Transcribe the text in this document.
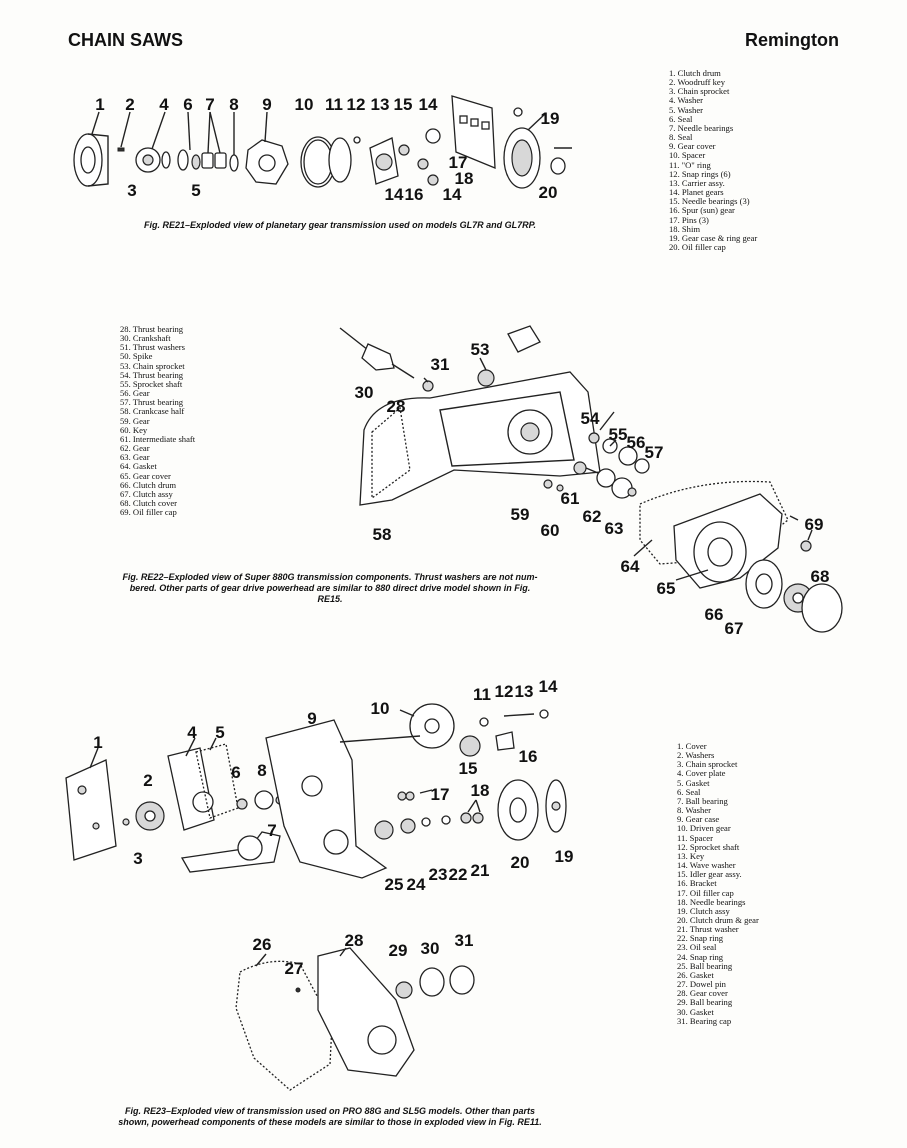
CHAIN SAWS	Remington
1 2 4 6 7 8 9 10 11 12 13 15 14
19
3	5
17
18
14 16 14	20
53
31
30
28
54
55 56
57
61
59
60
62
63
58
69
64
65
68
66
67
11 12 13 14
10
16
15
9
1
4 5
6 8
2
17 18
7
3
25 24
23 22 21 20 19
26	28
29 30 31
27
1. Clutch drum
2. Woodruff key
3. Chain sprocket
4. Washer
5. Washer
6. Seal
7. Needle bearings
8. Seal
9. Gear cover
10. Spacer
11. "O" ring
12. Snap rings (6)
13. Carrier assy.
14. Planet gears
15. Needle bearings (3)
16. Spur (sun) gear
17. Pins (3)
18. Shim
19. Gear case & ring gear
20. Oil filler cap
28. Thrust bearing
30. Crankshaft
51. Thrust washers
50. Spike
53. Chain sprocket
54. Thrust bearing
55. Sprocket shaft
56. Gear
57. Thrust bearing
58. Crankcase half
59. Gear
60. Key
61. Intermediate shaft
62. Gear
63. Gear
64. Gasket
65. Gear cover
66. Clutch drum
67. Clutch assy
68. Clutch cover
69. Oil filler cap
1. Cover
2. Washers
3. Chain sprocket
4. Cover plate
5. Gasket
6. Seal
7. Ball bearing
8. Washer
9. Gear case
10. Driven gear
11. Spacer
12. Sprocket shaft
13. Key
14. Wave washer
15. Idler gear assy.
16. Bracket
17. Oil filler cap
18. Needle bearings
19. Clutch assy
20. Clutch drum & gear
21. Thrust washer
22. Snap ring
23. Oil seal
24. Snap ring
25. Ball bearing
26. Gasket
27. Dowel pin
28. Gear cover
29. Ball bearing
30. Gasket
31. Bearing cap
Fig. RE21–Exploded view of planetary gear transmission used on models GL7R and GL7RP.
Fig. RE22–Exploded view of Super 880G transmission components. Thrust washers are not num-
bered. Other parts of gear drive powerhead are similar to 880 direct drive model shown in Fig.
RE15.
Fig. RE23–Exploded view of transmission used on PRO 88G and SL5G models. Other than parts
shown, powerhead components of these models are similar to those in exploded view in Fig. RE11.
